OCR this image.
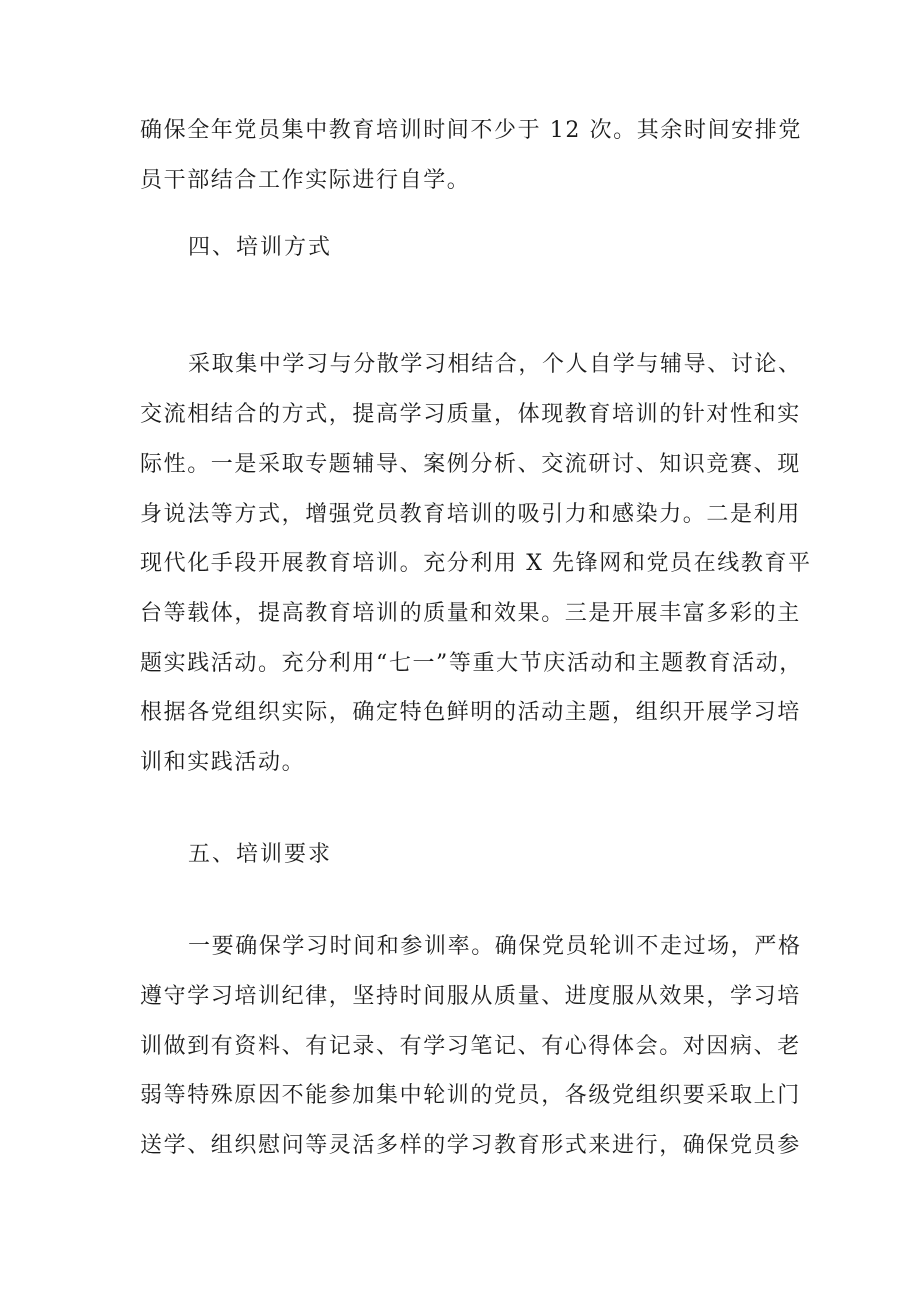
确保全年党员集中教育培训时间不少于 12 次。其余时间安排党
员干部结合工作实际进行自学。
四、培训方式
采取集中学习与分散学习相结合，个人自学与辅导、讨论、
交流相结合的方式，提高学习质量，体现教育培训的针对性和实
际性。一是采取专题辅导、案例分析、交流研讨、知识竞赛、现
身说法等方式，增强党员教育培训的吸引力和感染力。二是利用
现代化手段开展教育培训。充分利用 X 先锋网和党员在线教育平
台等载体，提高教育培训的质量和效果。三是开展丰富多彩的主
题实践活动。充分利用“七一”等重大节庆活动和主题教育活动，
根据各党组织实际，确定特色鲜明的活动主题，组织开展学习培
训和实践活动。
五、培训要求
一要确保学习时间和参训率。确保党员轮训不走过场，严格
遵守学习培训纪律，坚持时间服从质量、进度服从效果，学习培
训做到有资料、有记录、有学习笔记、有心得体会。对因病、老
弱等特殊原因不能参加集中轮训的党员，各级党组织要采取上门
送学、组织慰问等灵活多样的学习教育形式来进行，确保党员参
